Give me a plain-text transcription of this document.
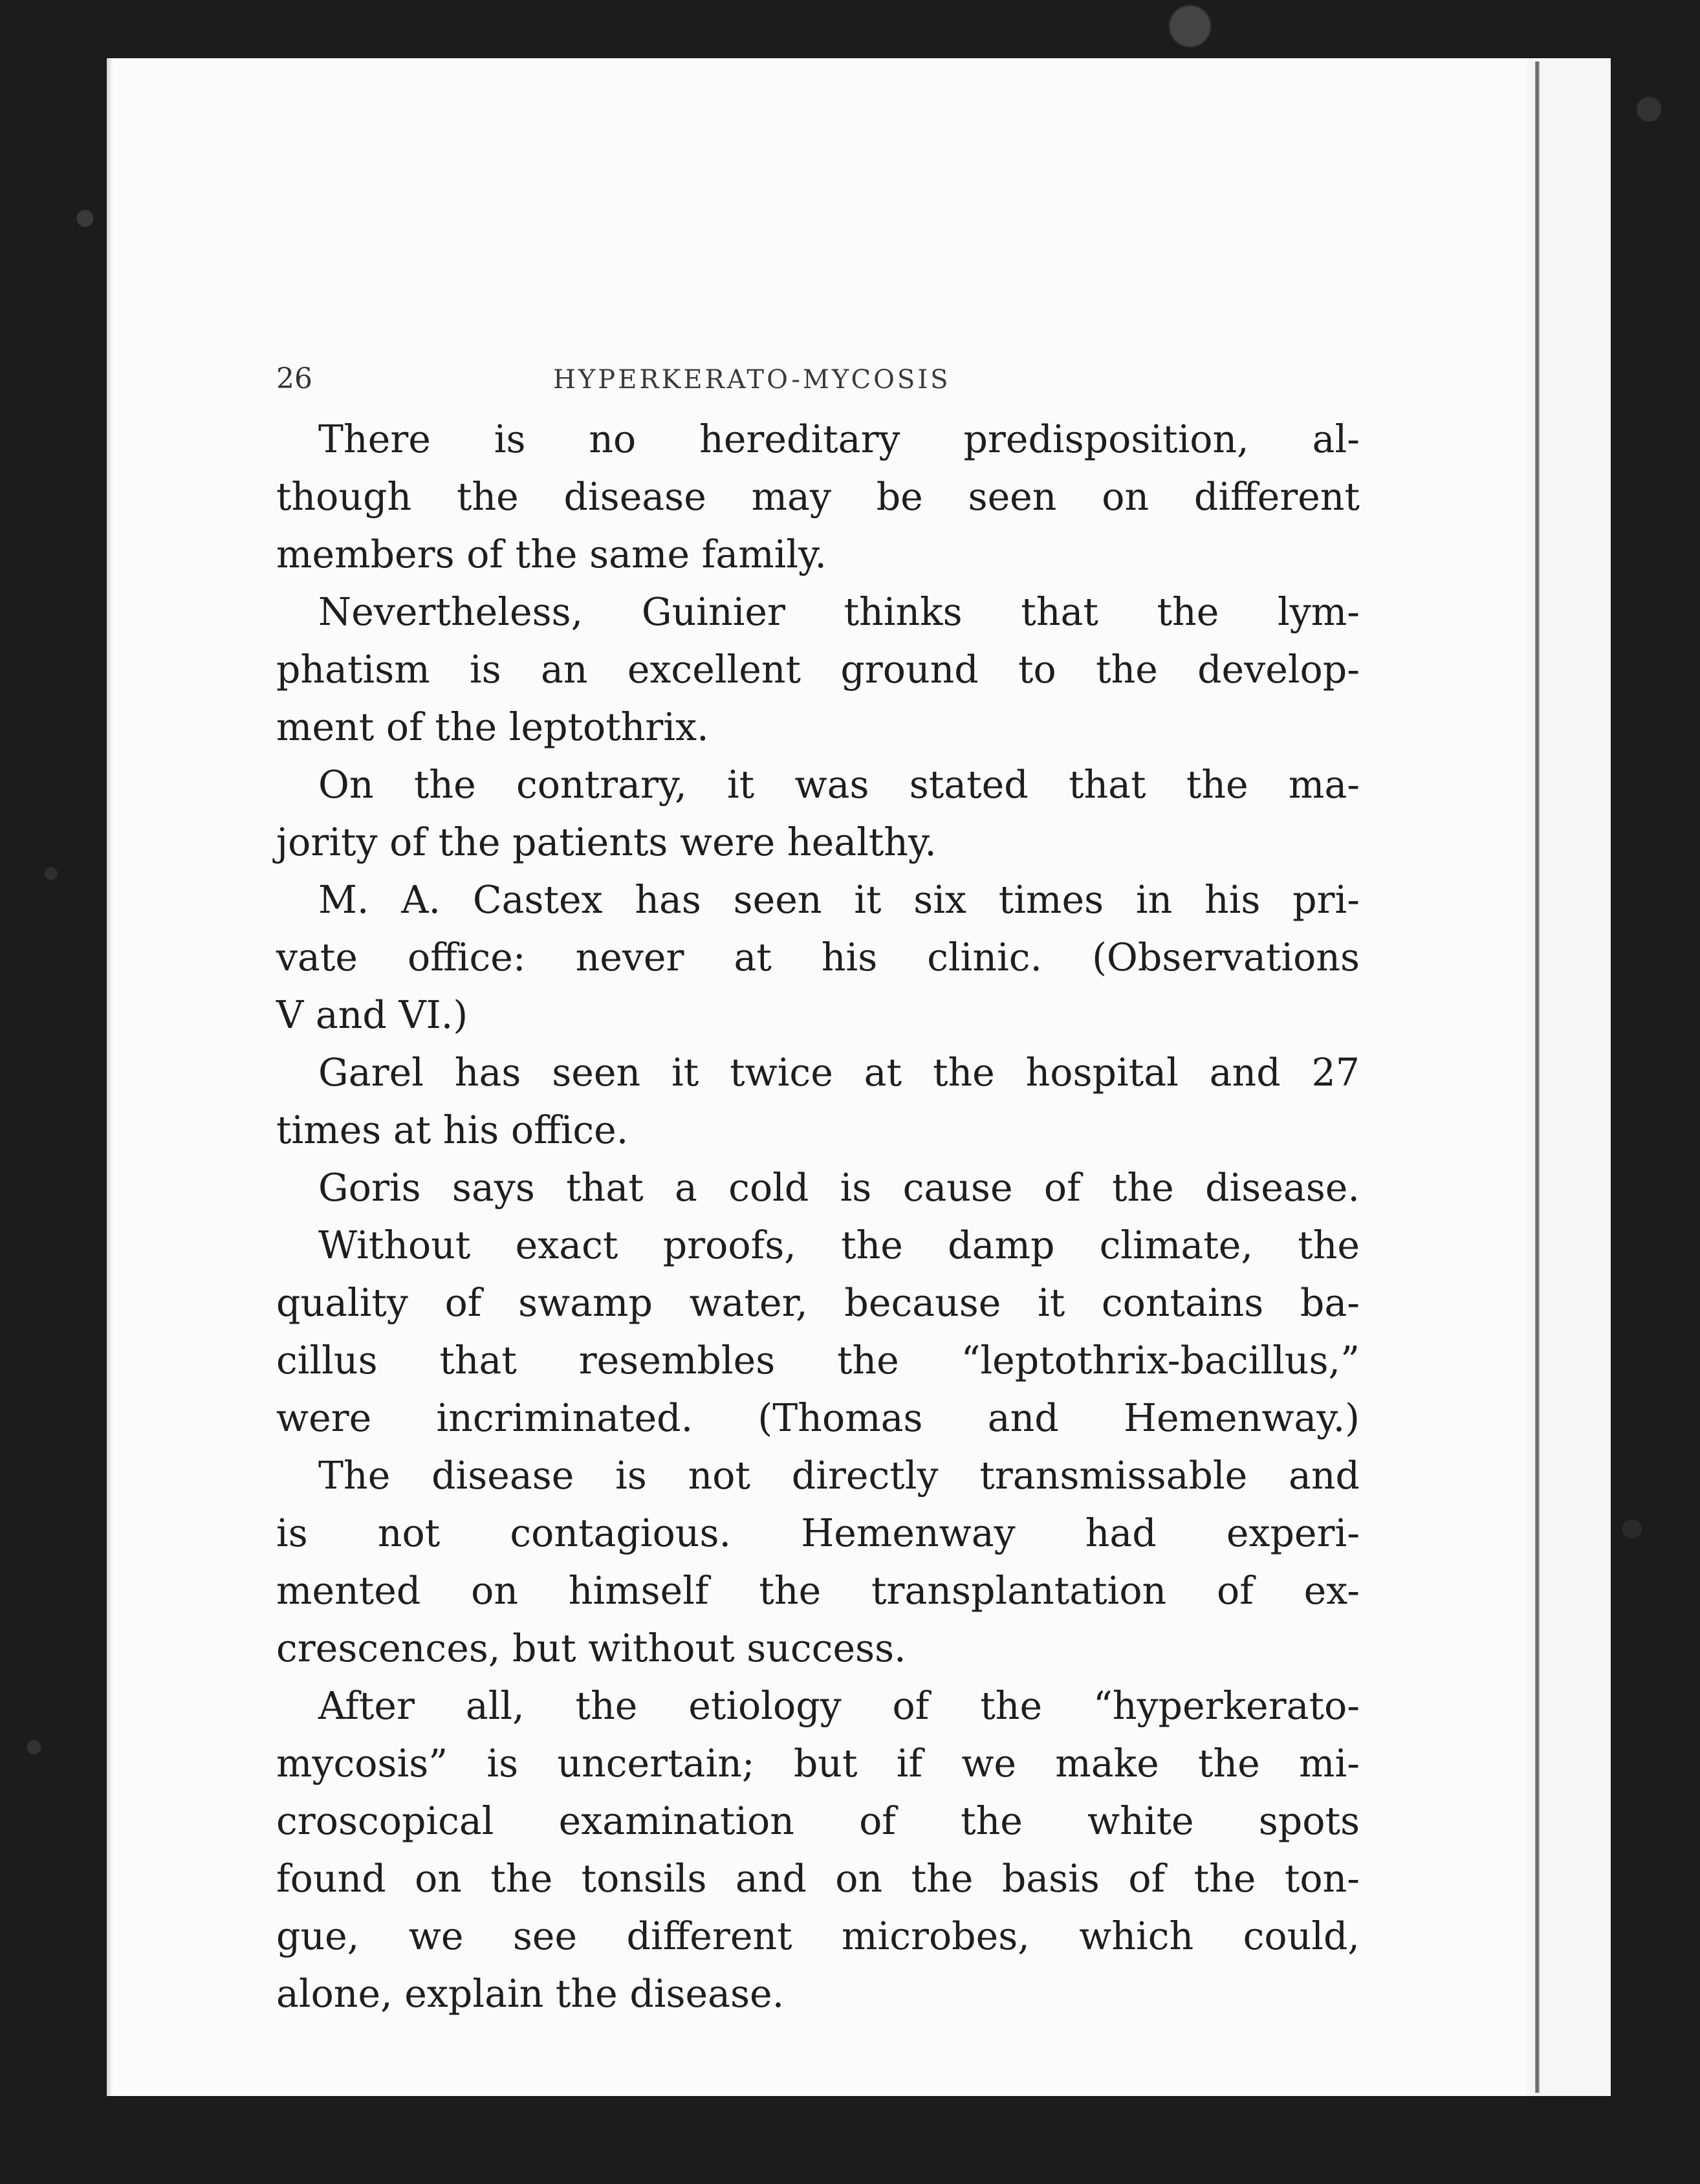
26	HYPERKERATO-MYCOSIS
There is no hereditary predisposition, al-
though the disease may be seen on different
members of the same family.
Nevertheless, Guinier thinks that the lym-
phatism is an excellent ground to the develop-
ment of the leptothrix.
On the contrary, it was stated that the ma-
jority of the patients were healthy.
M. A. Castex has seen it six times in his pri-
vate office: never at his clinic. (Observations
V and VI.)
Garel has seen it twice at the hospital and 27
times at his office.
Goris says that a cold is cause of the disease.
Without exact proofs, the damp climate, the
quality of swamp water, because it contains ba-
cillus that resembles the “leptothrix-bacillus,”
were incriminated. (Thomas and Hemenway.)
The disease is not directly transmissable and
is not contagious. Hemenway had experi-
mented on himself the transplantation of ex-
crescences, but without success.
After all, the etiology of the “hyperkerato-
mycosis” is uncertain; but if we make the mi-
croscopical examination of the white spots
found on the tonsils and on the basis of the ton-
gue, we see different microbes, which could,
alone, explain the disease.
